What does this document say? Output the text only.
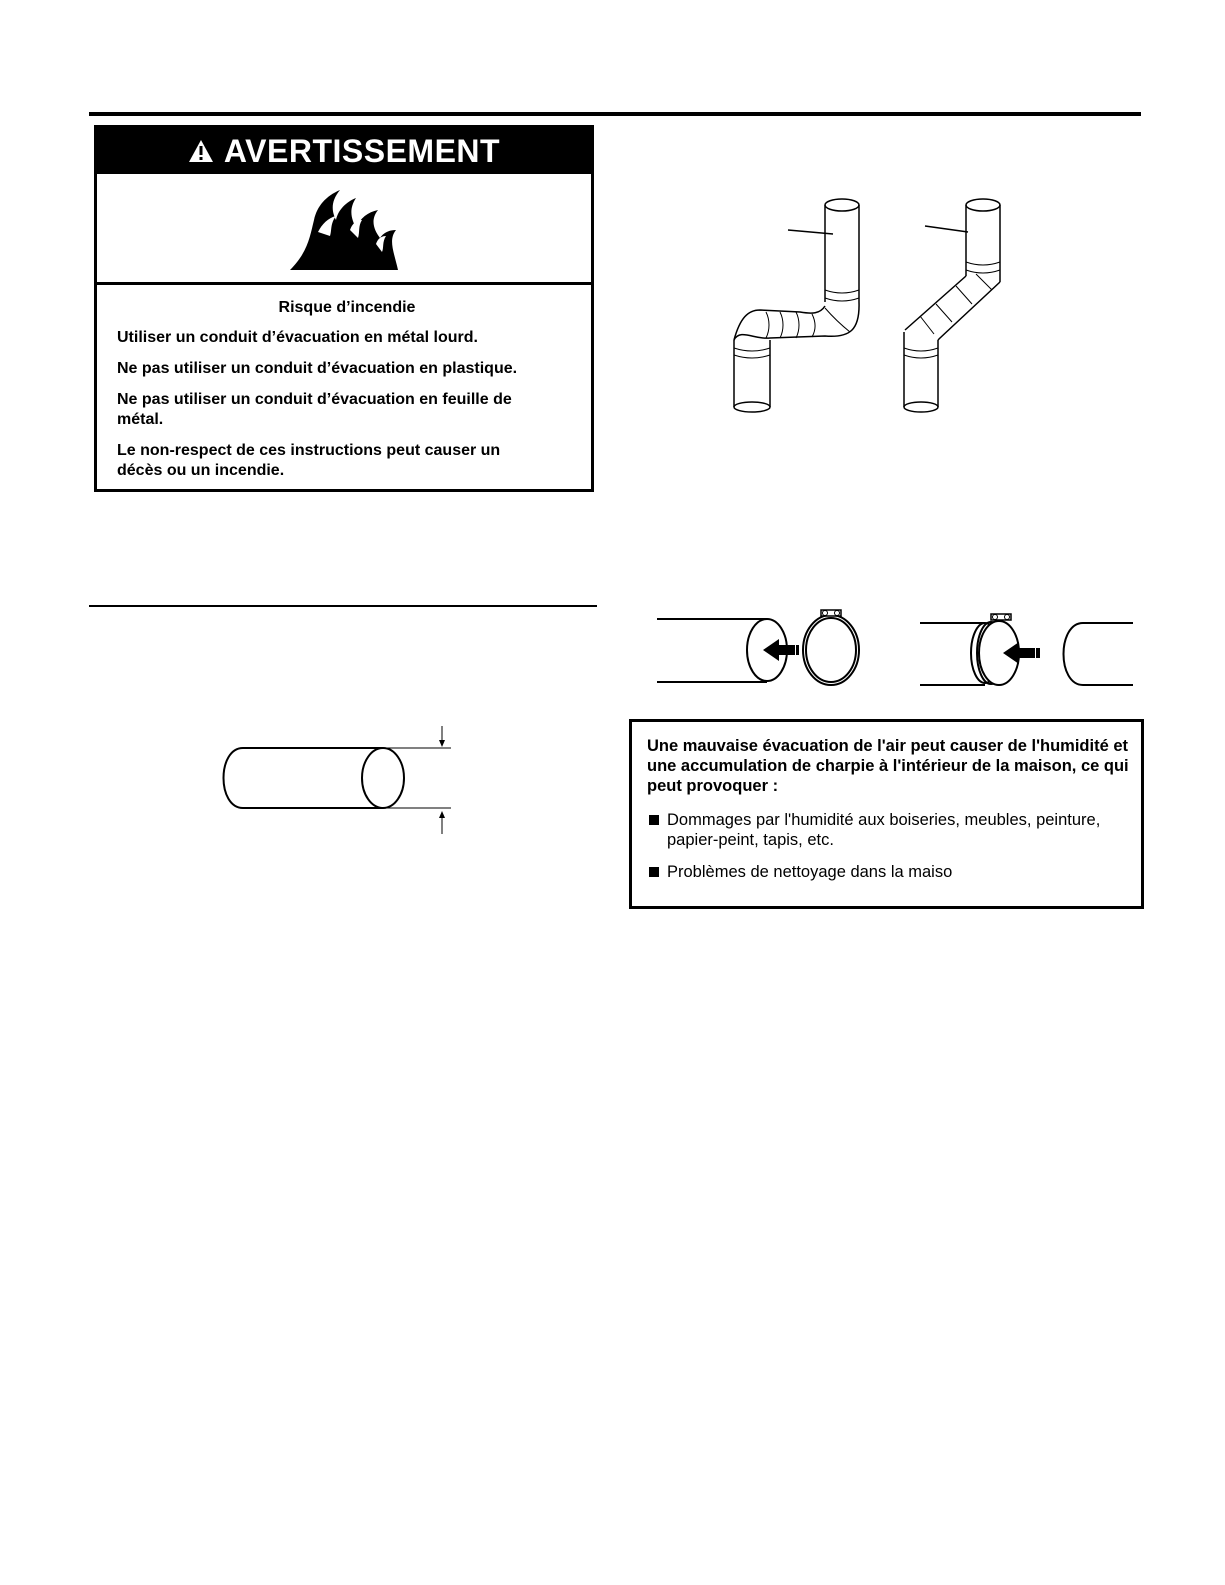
AVERTISSEMENT

Risque d’incendie

Utiliser un conduit d’évacuation en métal lourd.

Ne pas utiliser un conduit d’évacuation en plastique.

Ne pas utiliser un conduit d’évacuation en feuille de métal.

Le non-respect de ces instructions peut causer un décès ou un incendie.

Une mauvaise évacuation de l'air peut causer de l'humidité et une accumulation de charpie à l'intérieur de la maison, ce qui peut provoquer :

Dommages par l'humidité aux boiseries, meubles, peinture, papier-peint, tapis, etc.
Problèmes de nettoyage dans la maiso
